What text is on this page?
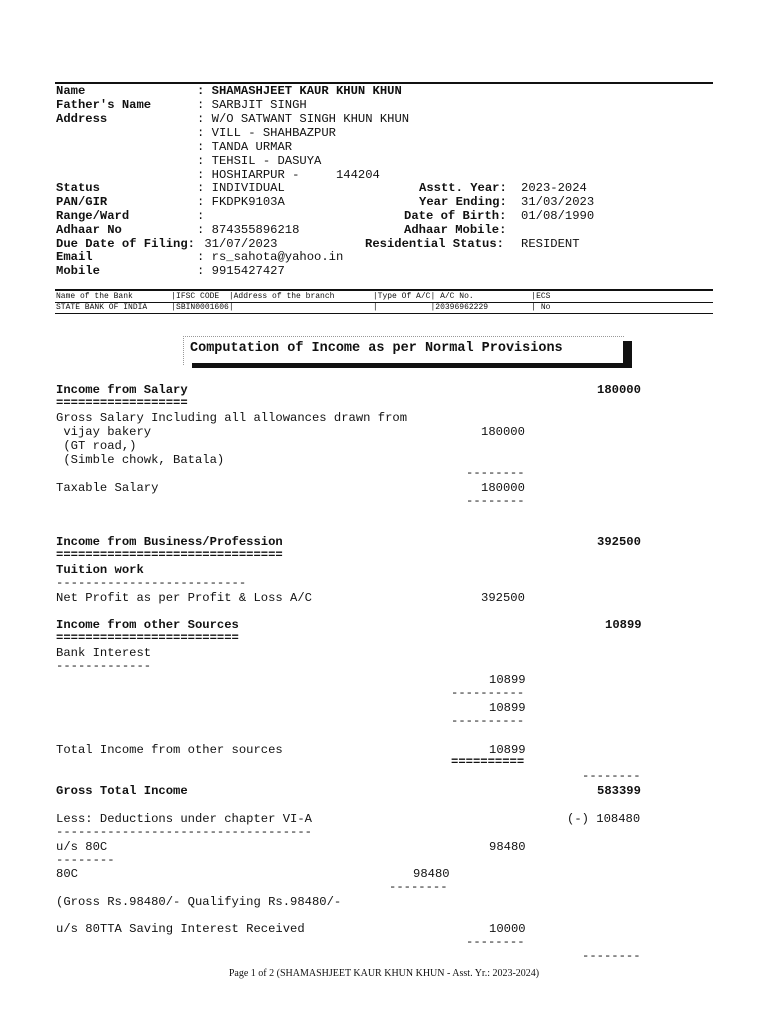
Name	: SHAMASHJEET KAUR KHUN KHUN
Father's Name	: SARBJIT SINGH
Address	: W/O SATWANT SINGH KHUN KHUN
: VILL - SHAHBAZPUR
: TANDA URMAR
: TEHSIL - DASUYA
: HOSHIARPUR -     144204
Status	: INDIVIDUAL	Asstt. Year: 2023-2024
PAN/GIR	: FKDPK9103A	Year Ending: 31/03/2023
Range/Ward	:	Date of Birth: 01/08/1990
Adhaar No	: 874355896218	Adhaar Mobile:
Due Date of Filing: 31/07/2023	Residential Status: RESIDENT
Email	: rs_sahota@yahoo.in
Mobile	: 9915427427
Name of the Bank        |IFSC CODE  |Address of the branch        |Type Of A/C| A/C No.            |ECS
STATE BANK OF INDIA     |SBIN0001606|                             |           |20396962229         | No
Computation of Income as per Normal Provisions
Income from Salary	180000
==================
Gross Salary Including all allowances drawn from
vijay bakery	180000
(GT road,)
(Simble chowk, Batala)
--------
Taxable Salary	180000
--------
Income from Business/Profession	392500
===============================
Tuition work
--------------------------
Net Profit as per Profit & Loss A/C	392500
Income from other Sources	10899
=========================
Bank Interest
-------------
10899
----------
10899
----------
Total Income from other sources	10899
==========
--------
Gross Total Income	583399
Less: Deductions under chapter VI-A	(-) 108480
-----------------------------------
u/s 80C	98480
--------
80C	98480
--------
(Gross Rs.98480/- Qualifying Rs.98480/-
u/s 80TTA Saving Interest Received	10000
--------
--------
Page 1 of 2 (SHAMASHJEET KAUR KHUN KHUN - Asst. Yr.: 2023-2024)
